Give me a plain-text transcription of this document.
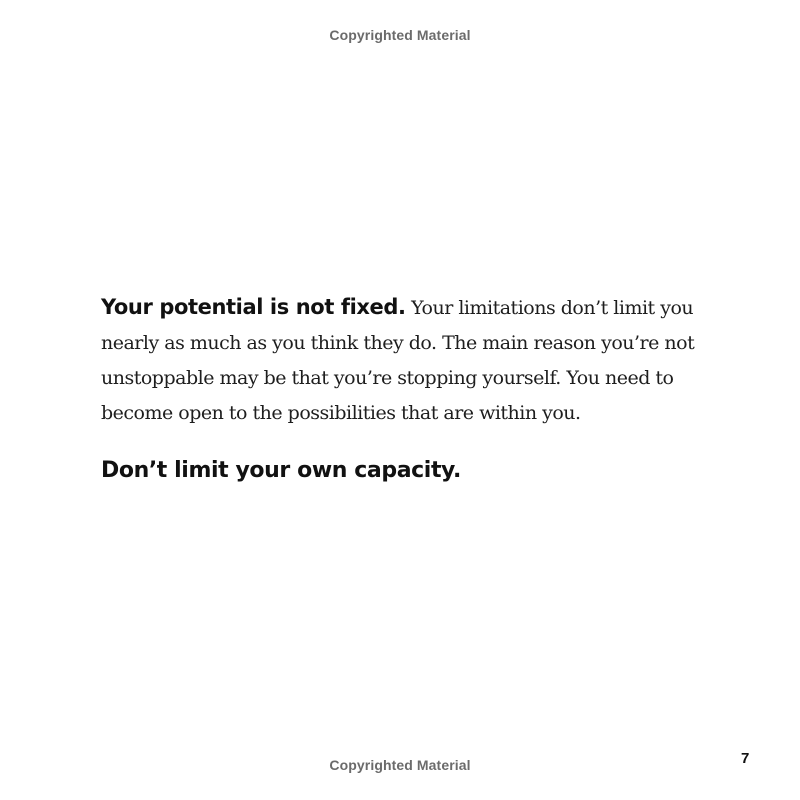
Copyrighted Material

Your potential is not fixed. Your limitations don’t limit you nearly as much as you think they do. The main reason you’re not unstoppable may be that you’re stopping yourself. You need to become open to the possibilities that are within you.

Don’t limit your own capacity.

Copyrighted Material	7
